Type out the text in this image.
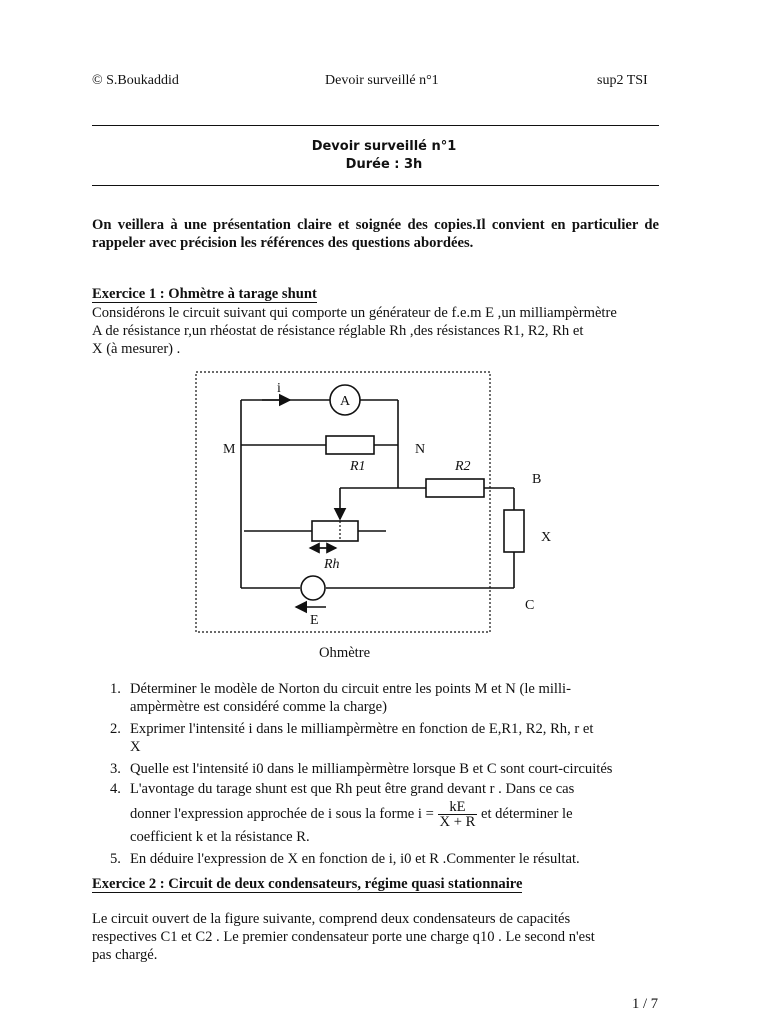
© S.Boukaddid	Devoir surveillé n°1	sup2 TSI
Devoir surveillé n°1
Durée : 3h
On veillera à une présentation claire et soignée des copies.Il convient en particulier de rappeler avec précision les références des questions abordées.
Exercice 1 : Ohmètre à tarage shunt
Considérons le circuit suivant qui comporte un générateur de f.e.m E ,un milliampèrmètre
A de résistance r,un rhéostat de résistance réglable Rh ,des résistances R1, R2, Rh et
X (à mesurer) .
i
A
M	N
R1	R2
B
X
Rh
C
E
Ohmètre
1. Déterminer le modèle de Norton du circuit entre les points M et N (le milli-
ampèrmètre est considéré comme la charge)
2. Exprimer l'intensité i dans le milliampèrmètre en fonction de E,R1, R2, Rh, r et
X
3. Quelle est l'intensité i0 dans le milliampèrmètre lorsque B et C sont court-circuités
4. L'avontage du tarage shunt est que Rh peut être grand devant r . Dans ce cas
donner l'expression approchée de i sous la forme $i = \frac{kE}{X + R}$ et déterminer le
coefficient k et la résistance R.
5. En déduire l'expression de X en fonction de i, i0 et R .Commenter le résultat.
Exercice 2 : Circuit de deux condensateurs, régime quasi stationnaire
Le circuit ouvert de la figure suivante, comprend deux condensateurs de capacités
respectives C1 et C2 . Le premier condensateur porte une charge q10 . Le second n'est
pas chargé.
1 / 7
